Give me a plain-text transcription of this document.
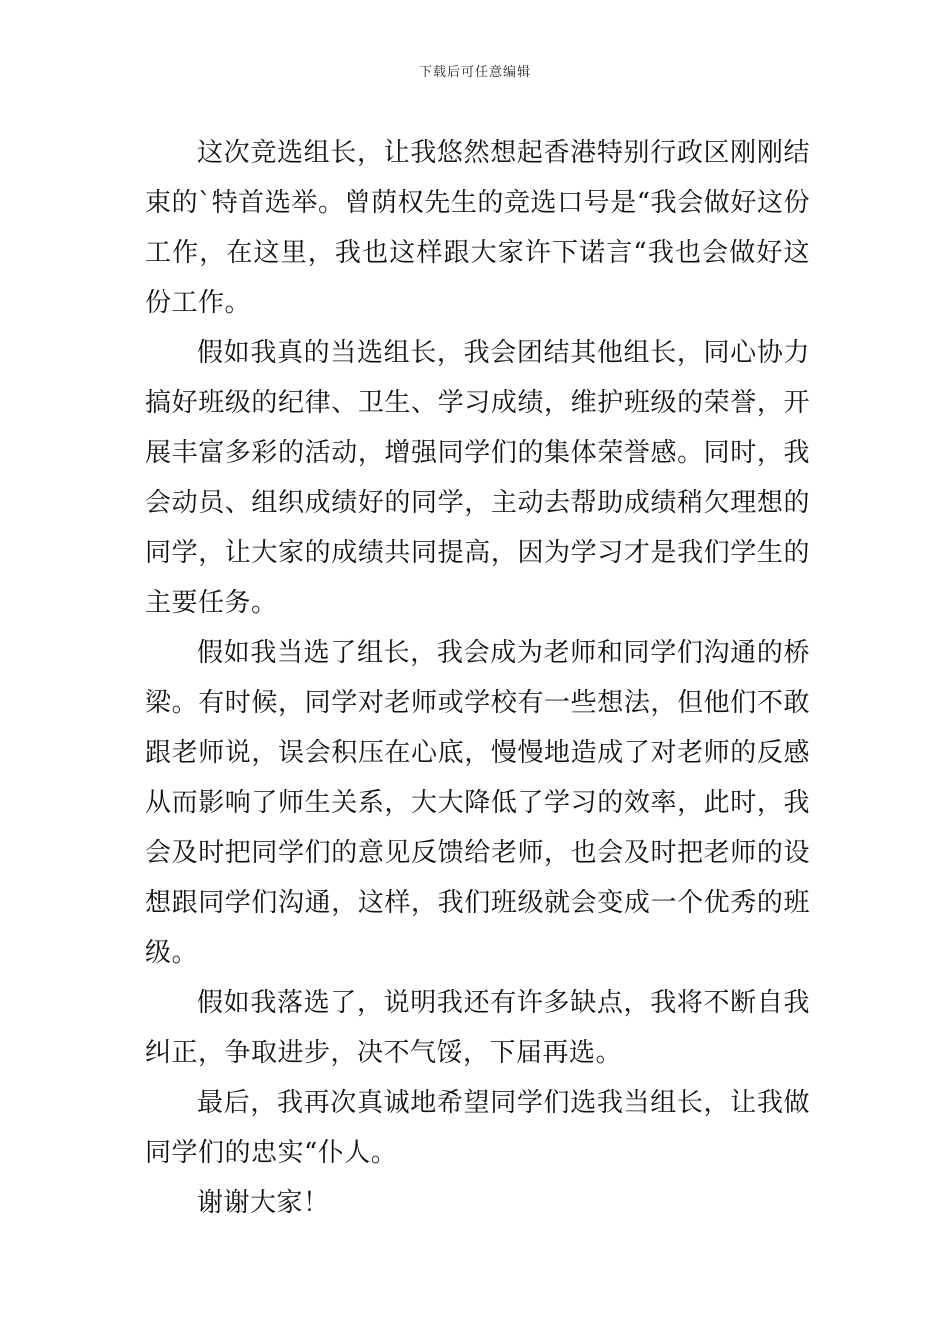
下载后可任意编辑

这次竞选组长，让我悠然想起香港特别行政区刚刚结束的`特首选举。曾荫权先生的竞选口号是“我会做好这份工作，在这里，我也这样跟大家许下诺言“我也会做好这份工作。

假如我真的当选组长，我会团结其他组长，同心协力搞好班级的纪律、卫生、学习成绩，维护班级的荣誉，开展丰富多彩的活动，增强同学们的集体荣誉感。同时，我会动员、组织成绩好的同学，主动去帮助成绩稍欠理想的同学，让大家的成绩共同提高，因为学习才是我们学生的主要任务。

假如我当选了组长，我会成为老师和同学们沟通的桥梁。有时候，同学对老师或学校有一些想法，但他们不敢跟老师说，误会积压在心底，慢慢地造成了对老师的反感从而影响了师生关系，大大降低了学习的效率，此时，我会及时把同学们的意见反馈给老师，也会及时把老师的设想跟同学们沟通，这样，我们班级就会变成一个优秀的班级。

假如我落选了，说明我还有许多缺点，我将不断自我纠正，争取进步，决不气馁，下届再选。

最后，我再次真诚地希望同学们选我当组长，让我做同学们的忠实“仆人。

谢谢大家！
